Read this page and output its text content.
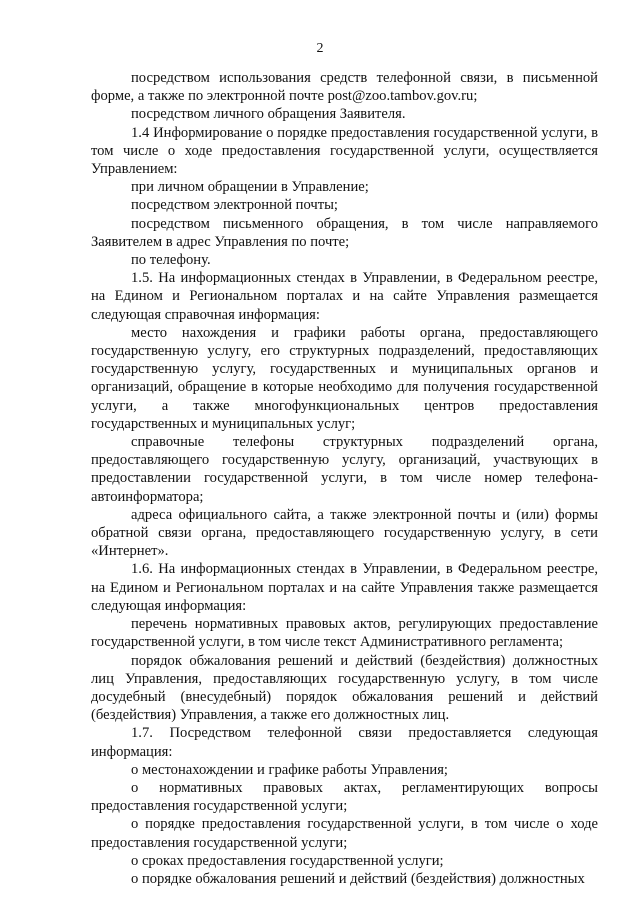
2

посредством использования средств телефонной связи, в письменной форме, а также по электронной почте post@zoo.tambov.gov.ru;

посредством личного обращения Заявителя.

1.4 Информирование о порядке предоставления государственной услуги, в том числе о ходе предоставления государственной услуги, осуществляется Управлением:

при личном обращении в Управление;

посредством электронной почты;

посредством письменного обращения, в том числе направляемого Заявителем в адрес Управления по почте;

по телефону.

1.5. На информационных стендах в Управлении, в Федеральном реестре, на Едином и Региональном порталах и на сайте Управления размещается следующая справочная информация:

место нахождения и графики работы органа, предоставляющего государственную услугу, его структурных подразделений, предоставляющих государственную услугу, государственных и муниципальных органов и организаций, обращение в которые необходимо для получения государственной услуги, а также многофункциональных центров предоставления государственных и муниципальных услуг;

справочные телефоны структурных подразделений органа, предоставляющего государственную услугу, организаций, участвующих в предоставлении государственной услуги, в том числе номер телефона-автоинформатора;

адреса официального сайта, а также электронной почты и (или) формы обратной связи органа, предоставляющего государственную услугу, в сети «Интернет».

1.6. На информационных стендах в Управлении, в Федеральном реестре, на Едином и Региональном порталах и на сайте Управления также размещается следующая информация:

перечень нормативных правовых актов, регулирующих предоставление государственной услуги, в том числе текст Административного регламента;

порядок обжалования решений и действий (бездействия) должностных лиц Управления, предоставляющих государственную услугу, в том числе досудебный (внесудебный) порядок обжалования решений и действий (бездействия) Управления, а также его должностных лиц.

1.7. Посредством телефонной связи предоставляется следующая информация:

о местонахождении и графике работы Управления;

о нормативных правовых актах, регламентирующих вопросы предоставления государственной услуги;

о порядке предоставления государственной услуги, в том числе о ходе предоставления государственной услуги;

о сроках предоставления государственной услуги;

о порядке обжалования решений и действий (бездействия) должностных
